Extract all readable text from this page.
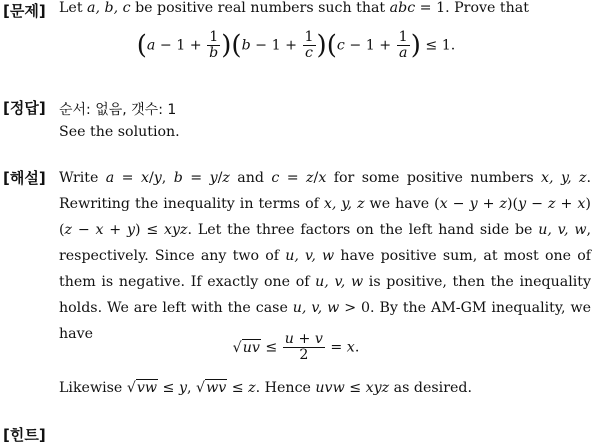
[문제]
[정답]
[해설]
[힌트]
Let a, b, c be positive real numbers such that abc = 1. Prove that
$(a - 1 + \frac{1}{b} )(b - 1 + \frac{1}{c} )(c - 1 + \frac{1}{a}$ ) ≤ 1.
순서: 없음, 갯수: 1
See the solution.
Write a = x/y, b = y/z and c = z/x for some positive numbers x, y, z. Rewriting the inequality in terms of x, y, z we have (x − y + z)(y − z + x)(z − x + y) ≤ xyz. Let the three factors on the left hand side be u, v, w, respectively. Since any two of u, v, w have positive sum, at most one of them is negative. If exactly one of u, v, w is positive, then the inequality holds. We are left with the case u, v, w > 0. By the AM-GM inequality, we have
$√uv \le \frac{u + v}{2} = x$.
Likewise √vw ≤ y, √wv ≤ z. Hence uvw ≤ xyz as desired.
